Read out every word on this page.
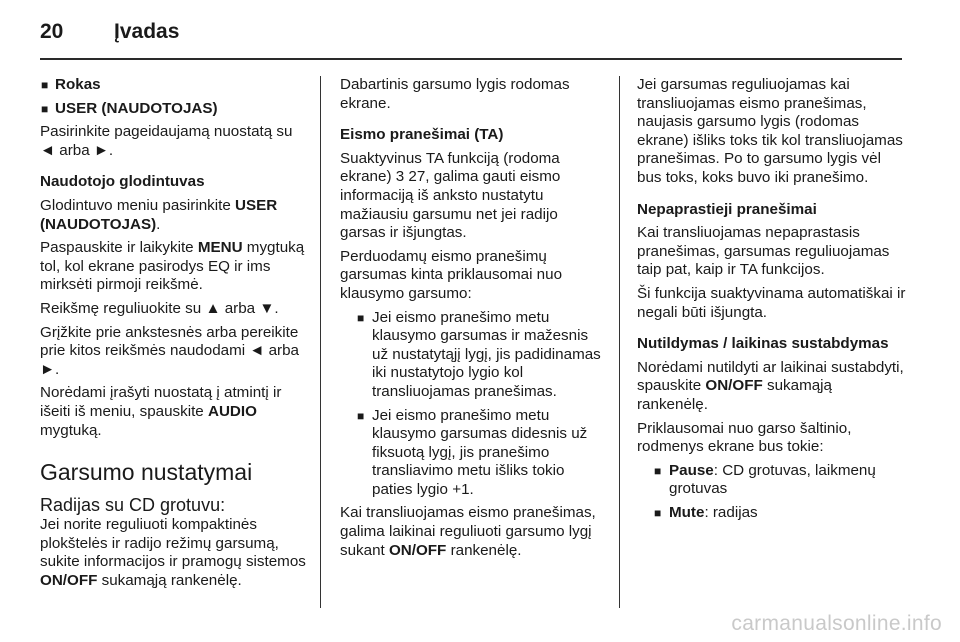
20 Įvadas
■ Rokas
■ USER (NAUDOTOJAS)

Pasirinkite pageidaujamą nuostatą su ◄ arba ►.

Naudotojo glodintuvas

Glodintuvo meniu pasirinkite USER (NAUDOTOJAS).

Paspauskite ir laikykite MENU mygtuką tol, kol ekrane pasirodys EQ ir ims mirksėti pirmoji reikšmė.

Reikšmę reguliuokite su ▲ arba ▼.

Grįžkite prie ankstesnės arba pereikite prie kitos reikšmės naudodami ◄ arba ►.

Norėdami įrašyti nuostatą į atmintį ir išeiti iš meniu, spauskite AUDIO mygtuką.

Garsumo nustatymai
Radijas su CD grotuvu:

Jei norite reguliuoti kompaktinės plokštelės ir radijo režimų garsumą, sukite informacijos ir pramogų sistemos ON/OFF sukamąją rankenėlę.

Dabartinis garsumo lygis rodomas ekrane.

Eismo pranešimai (TA)

Suaktyvinus TA funkciją (rodoma ekrane) 3 27, galima gauti eismo informaciją iš anksto nustatytu mažiausiu garsumu net jei radijo garsas ir išjungtas.

Perduodamų eismo pranešimų garsumas kinta priklausomai nuo klausymo garsumo:

■ Jei eismo pranešimo metu klausymo garsumas ir mažesnis už nustatytąjį lygį, jis padidinamas iki nustatytojo lygio kol transliuojamas pranešimas.
■ Jei eismo pranešimo metu klausymo garsumas didesnis už fiksuotą lygį, jis pranešimo transliavimo metu išliks tokio paties lygio +1.

Kai transliuojamas eismo pranešimas, galima laikinai reguliuoti garsumo lygį sukant ON/OFF rankenėlę.

Jei garsumas reguliuojamas kai transliuojamas eismo pranešimas, naujasis garsumo lygis (rodomas ekrane) išliks toks tik kol transliuojamas pranešimas. Po to garsumo lygis vėl bus toks, koks buvo iki pranešimo.

Nepaprastieji pranešimai

Kai transliuojamas nepaprastasis pranešimas, garsumas reguliuojamas taip pat, kaip ir TA funkcijos.

Ši funkcija suaktyvinama automatiškai ir negali būti išjungta.

Nutildymas / laikinas sustabdymas

Norėdami nutildyti ar laikinai sustabdyti, spauskite ON/OFF sukamąją rankenėlę.

Priklausomai nuo garso šaltinio, rodmenys ekrane bus tokie:

■ Pause: CD grotuvas, laikmenų grotuvas
■ Mute: radijas
carmanualsonline.info
